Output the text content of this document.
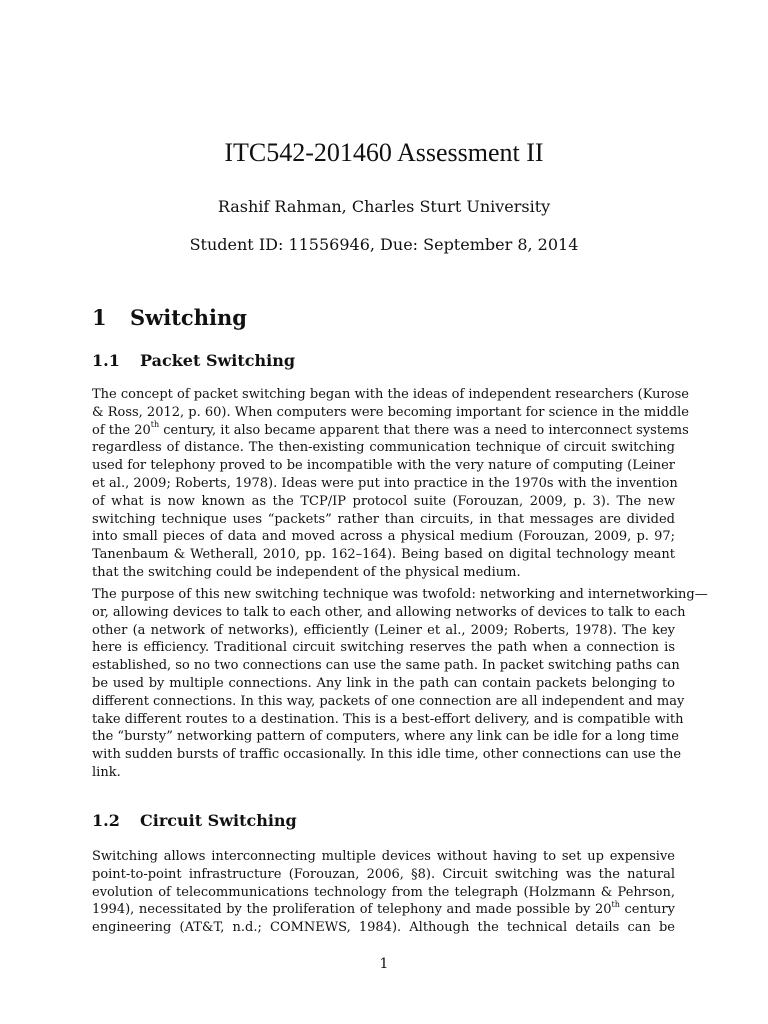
ITC542-201460 Assessment II
Rashif Rahman, Charles Sturt University
Student ID: 11556946, Due: September 8, 2014
1 Switching
1.1 Packet Switching
The concept of packet switching began with the ideas of independent researchers (Kurose
& Ross, 2012, p. 60). When computers were becoming important for science in the middle
of the 20th century, it also became apparent that there was a need to interconnect systems
regardless of distance. The then-existing communication technique of circuit switching
used for telephony proved to be incompatible with the very nature of computing (Leiner
et al., 2009; Roberts, 1978). Ideas were put into practice in the 1970s with the invention
of what is now known as the TCP/IP protocol suite (Forouzan, 2009, p. 3). The new
switching technique uses “packets” rather than circuits, in that messages are divided
into small pieces of data and moved across a physical medium (Forouzan, 2009, p. 97;
Tanenbaum & Wetherall, 2010, pp. 162–164). Being based on digital technology meant
that the switching could be independent of the physical medium.
The purpose of this new switching technique was twofold: networking and internetworking—
or, allowing devices to talk to each other, and allowing networks of devices to talk to each
other (a network of networks), efficiently (Leiner et al., 2009; Roberts, 1978). The key
here is efficiency. Traditional circuit switching reserves the path when a connection is
established, so no two connections can use the same path. In packet switching paths can
be used by multiple connections. Any link in the path can contain packets belonging to
different connections. In this way, packets of one connection are all independent and may
take different routes to a destination. This is a best-effort delivery, and is compatible with
the “bursty” networking pattern of computers, where any link can be idle for a long time
with sudden bursts of traffic occasionally. In this idle time, other connections can use the
link.
1.2 Circuit Switching
Switching allows interconnecting multiple devices without having to set up expensive
point-to-point infrastructure (Forouzan, 2006, §8). Circuit switching was the natural
evolution of telecommunications technology from the telegraph (Holzmann & Pehrson,
1994), necessitated by the proliferation of telephony and made possible by 20th century
engineering (AT&T, n.d.; COMNEWS, 1984). Although the technical details can be
1
